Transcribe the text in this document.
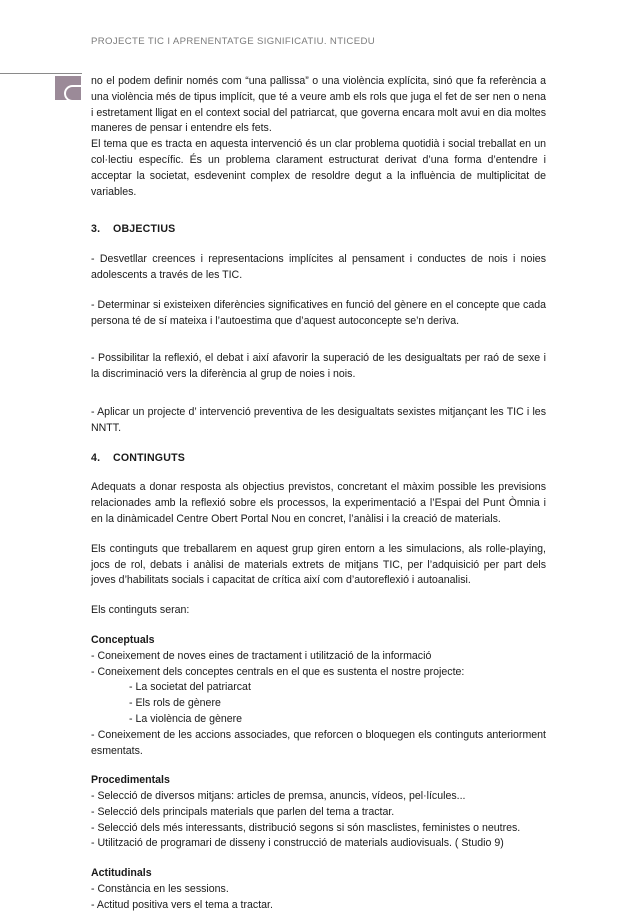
PROJECTE TIC I APRENENTATGE SIGNIFICATIU. NTICEDU

no el podem definir només com “una pallissa” o una violència explícita, sinó que fa referència a una violència més de tipus implícit, que té a veure amb els rols que juga el fet de ser nen o nena i estretament lligat en el context social del patriarcat, que governa encara molt avui en dia moltes maneres de pensar i entendre els fets.

El tema que es tracta en aquesta intervenció és un clar problema quotidià i social treballat en un col·lectiu específic. És un problema clarament estructurat derivat d’una forma d’entendre i acceptar la societat, esdevenint complex de resoldre degut a la influència de multiplicitat de variables.

3. OBJECTIUS

- Desvetllar creences i representacions implícites al pensament i conductes de nois i noies adolescents a través de les TIC.

- Determinar si existeixen diferències significatives en funció del gènere en el concepte que cada persona té de sí mateixa i l’autoestima que d’aquest autoconcepte se’n deriva.

- Possibilitar la reflexió, el debat i així afavorir la superació de les desigualtats per raó de sexe i la discriminació vers la diferència al grup de noies i nois.

- Aplicar un projecte d’ intervenció preventiva de les desigualtats sexistes mitjançant les TIC i les NNTT.

4. CONTINGUTS

Adequats a donar resposta als objectius previstos, concretant el màxim possible les previsions relacionades amb la reflexió sobre els processos, la experimentació a l’Espai del Punt Òmnia i en la dinàmicadel Centre Obert Portal Nou en concret, l’anàlisi i la creació de materials.

Els continguts que treballarem en aquest grup giren entorn a les simulacions, als rolle-playing, jocs de rol, debats i anàlisi de materials extrets de mitjans TIC, per l’adquisició per part dels joves d’habilitats socials i capacitat de crítica així com d’autoreflexió i autoanalisi.

Els continguts seran:

Conceptuals

- Coneixement de noves eines de tractament i utilització de la informació

- Coneixement dels conceptes centrals en el que es sustenta el nostre projecte:

- La societat del patriarcat

- Els rols de gènere

- La violència de gènere

- Coneixement de les accions associades, que reforcen o bloquegen els continguts anteriorment esmentats.

Procedimentals

- Selecció de diversos mitjans: articles de premsa, anuncis, vídeos, pel·lícules...

- Selecció dels principals materials que parlen del tema a tractar.

- Selecció dels més interessants, distribució segons si són masclistes, feministes o neutres.

- Utilització de programari de disseny i construcció de materials audiovisuals. ( Studio 9)

Actitudinals

- Constància en les sessions.

- Actitud positiva vers el tema a tractar.
